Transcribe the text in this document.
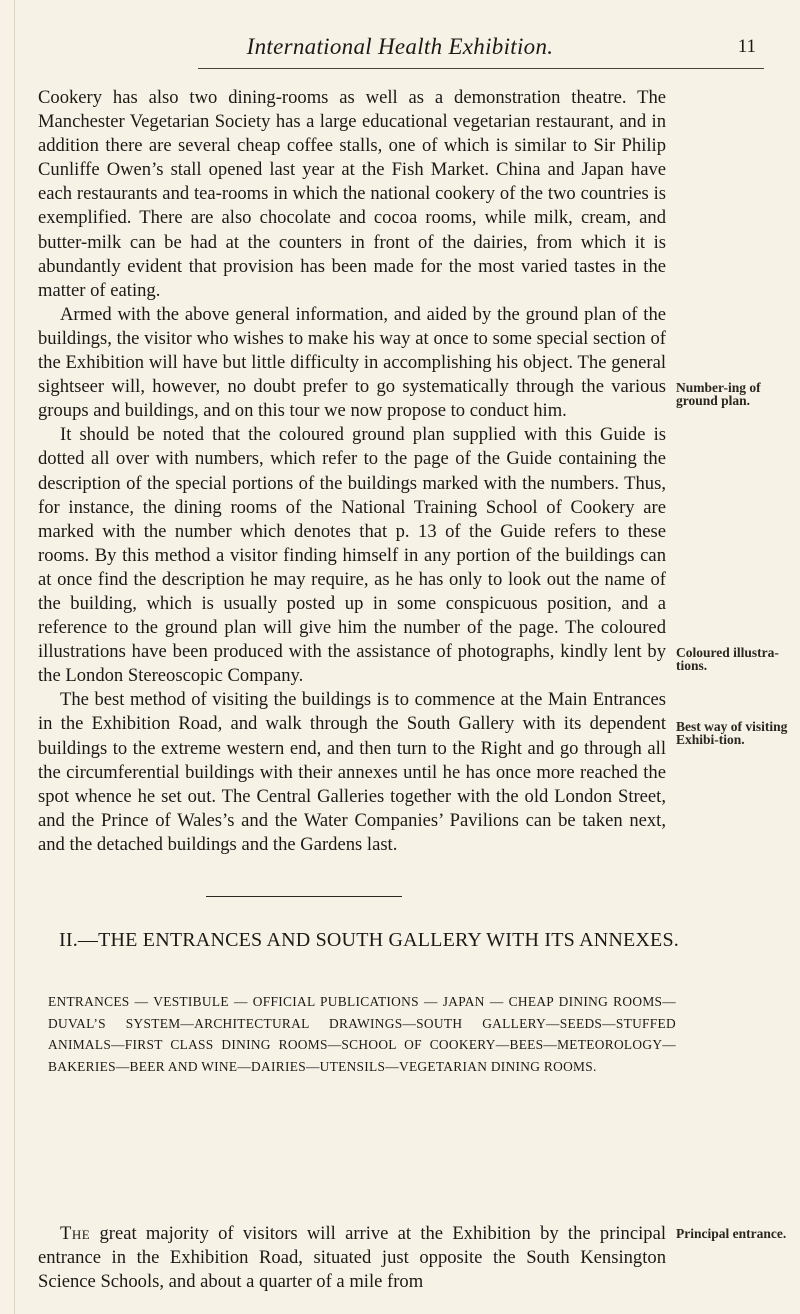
International Health Exhibition.	11

Cookery has also two dining-rooms as well as a demonstration theatre. The Manchester Vegetarian Society has a large educational vegetarian restaurant, and in addition there are several cheap coffee stalls, one of which is similar to Sir Philip Cunliffe Owen’s stall opened last year at the Fish Market. China and Japan have each restaurants and tea-rooms in which the national cookery of the two countries is exemplified. There are also chocolate and cocoa rooms, while milk, cream, and butter-milk can be had at the counters in front of the dairies, from which it is abundantly evident that provision has been made for the most varied tastes in the matter of eating.

Armed with the above general information, and aided by the ground plan of the buildings, the visitor who wishes to make his way at once to some special section of the Exhibition will have but little difficulty in accomplishing his object. The general sightseer will, however, no doubt prefer to go systematically through the various groups and buildings, and on this tour we now propose to conduct him.

It should be noted that the coloured ground plan supplied with this Guide is dotted all over with numbers, which refer to the page of the Guide containing the description of the special portions of the buildings marked with the numbers. Thus, for instance, the dining rooms of the National Training School of Cookery are marked with the number which denotes that p. 13 of the Guide refers to these rooms. By this method a visitor finding himself in any portion of the buildings can at once find the description he may require, as he has only to look out the name of the building, which is usually posted up in some conspicuous position, and a reference to the ground plan will give him the number of the page. The coloured illustrations have been produced with the assistance of photographs, kindly lent by the London Stereoscopic Company.

The best method of visiting the buildings is to commence at the Main Entrances in the Exhibition Road, and walk through the South Gallery with its dependent buildings to the extreme western end, and then turn to the Right and go through all the circumferential buildings with their annexes until he has once more reached the spot whence he set out. The Central Galleries together with the old London Street, and the Prince of Wales’s and the Water Companies’ Pavilions can be taken next, and the detached buildings and the Gardens last.

Number-ing of ground plan.
Coloured illustra-tions.
Best way of visiting Exhibi-tion.
II.—THE ENTRANCES AND SOUTH GALLERY WITH ITS ANNEXES.
ENTRANCES — VESTIBULE — OFFICIAL PUBLICATIONS — JAPAN — CHEAP DINING ROOMS—DUVAL’S SYSTEM—ARCHITECTURAL DRAWINGS—SOUTH GALLERY—SEEDS—STUFFED ANIMALS—FIRST CLASS DINING ROOMS—SCHOOL OF COOKERY—BEES—METEOROLOGY—BAKERIES—BEER AND WINE—DAIRIES—UTENSILS—VEGETARIAN DINING ROOMS.

The great majority of visitors will arrive at the Exhibition by the principal entrance in the Exhibition Road, situated just opposite the South Kensington Science Schools, and about a quarter of a mile from

Principal entrance.
